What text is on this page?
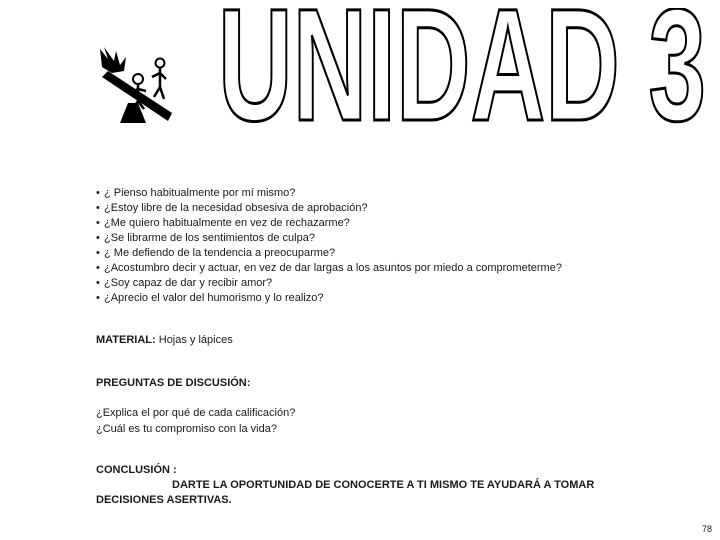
UNIDAD 3
• ¿ Pienso habitualmente por mí mismo?
• ¿Estoy libre de la necesidad obsesiva de aprobación?
• ¿Me quiero habitualmente en vez de rechazarme?
• ¿Se librarme de los sentimientos de culpa?
• ¿ Me defiendo de la tendencia a preocuparme?
• ¿Acostumbro decir y actuar, en vez de dar largas a los asuntos por miedo a comprometerme?
• ¿Soy capaz de dar y recibir amor?
• ¿Aprecio el valor del humorismo y lo realizo?
MATERIAL: Hojas y lápices
PREGUNTAS DE DISCUSIÓN:
¿Explica el por qué de cada calificación?
¿Cuál es tu compromiso con la vida?
CONCLUSIÓN :
DARTE LA OPORTUNIDAD DE CONOCERTE A TI MISMO TE AYUDARÁ A TOMAR
DECISIONES ASERTIVAS.
78
